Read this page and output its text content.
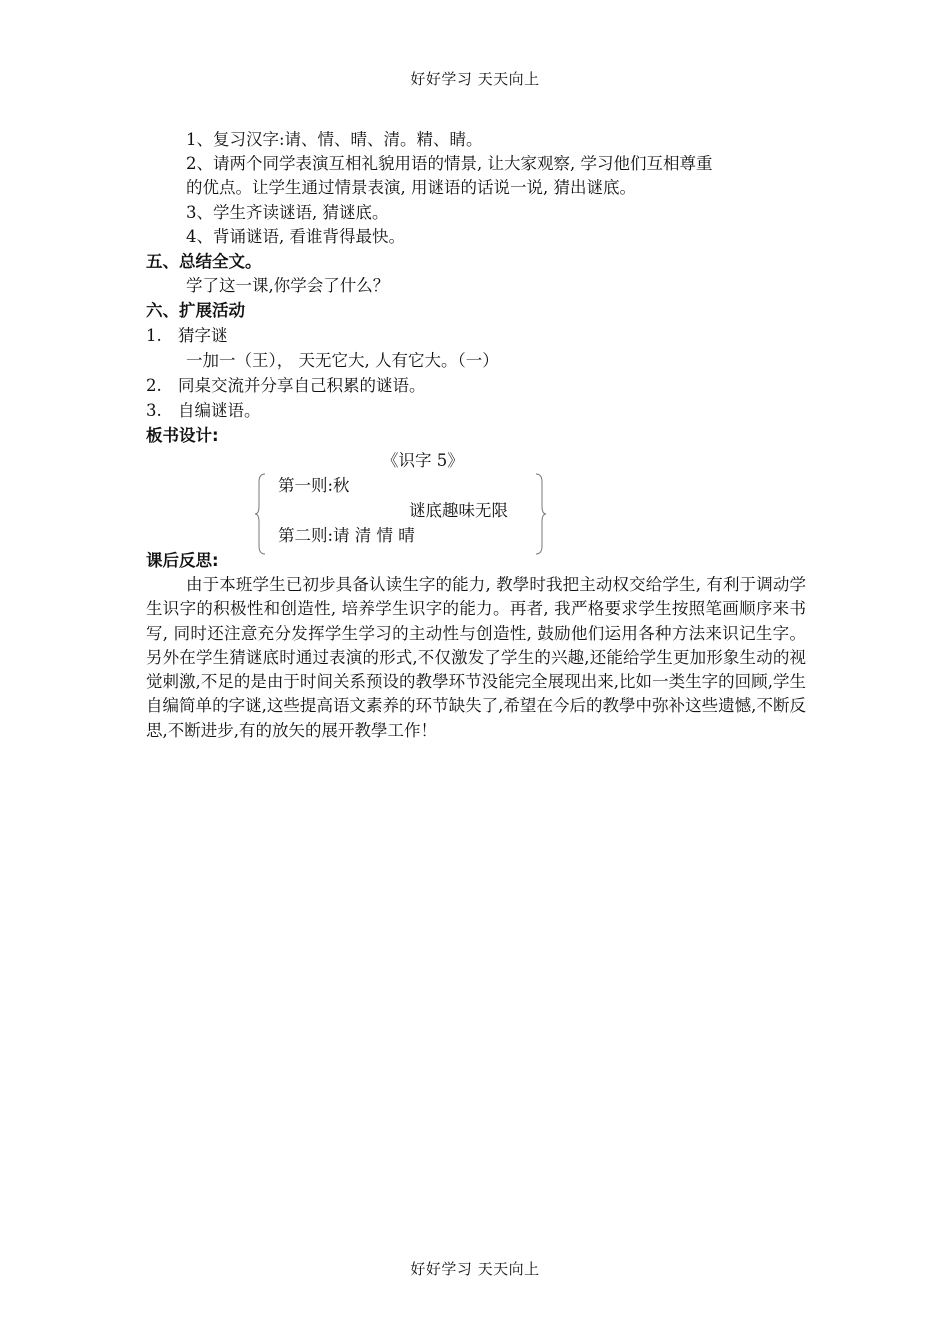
好好学习 天天向上
1、复习汉字:请、情、晴、清。精、睛。
2、请两个同学表演互相礼貌用语的情景, 让大家观察, 学习他们互相尊重
的优点。让学生通过情景表演, 用谜语的话说一说, 猜出谜底。
3、学生齐读谜语, 猜谜底。
4、背诵谜语, 看谁背得最快。
五、总结全文。
学了这一课,你学会了什么？
六、扩展活动
1. 猜字谜
一加一（王）， 天无它大, 人有它大。（一）
2. 同桌交流并分享自己积累的谜语。
3. 自编谜语。
板书设计:
《识字 5》
第一则:秋
谜底趣味无限
第二则:请 清 情 晴
课后反思:
由于本班学生已初步具备认读生字的能力, 教學时我把主动权交给学生, 有利于调动学生识字的积极性和创造性, 培养学生识字的能力。再者, 我严格要求学生按照笔画顺序来书写, 同时还注意充分发挥学生学习的主动性与创造性, 鼓励他们运用各种方法来识记生字。另外在学生猜谜底时通过表演的形式,不仅激发了学生的兴趣,还能给学生更加形象生动的视觉刺激,不足的是由于时间关系预设的教學环节没能完全展现出来,比如一类生字的回顾,学生自编简单的字谜,这些提高语文素养的环节缺失了,希望在今后的教學中弥补这些遗憾,不断反思,不断进步,有的放矢的展开教學工作！
好好学习 天天向上
